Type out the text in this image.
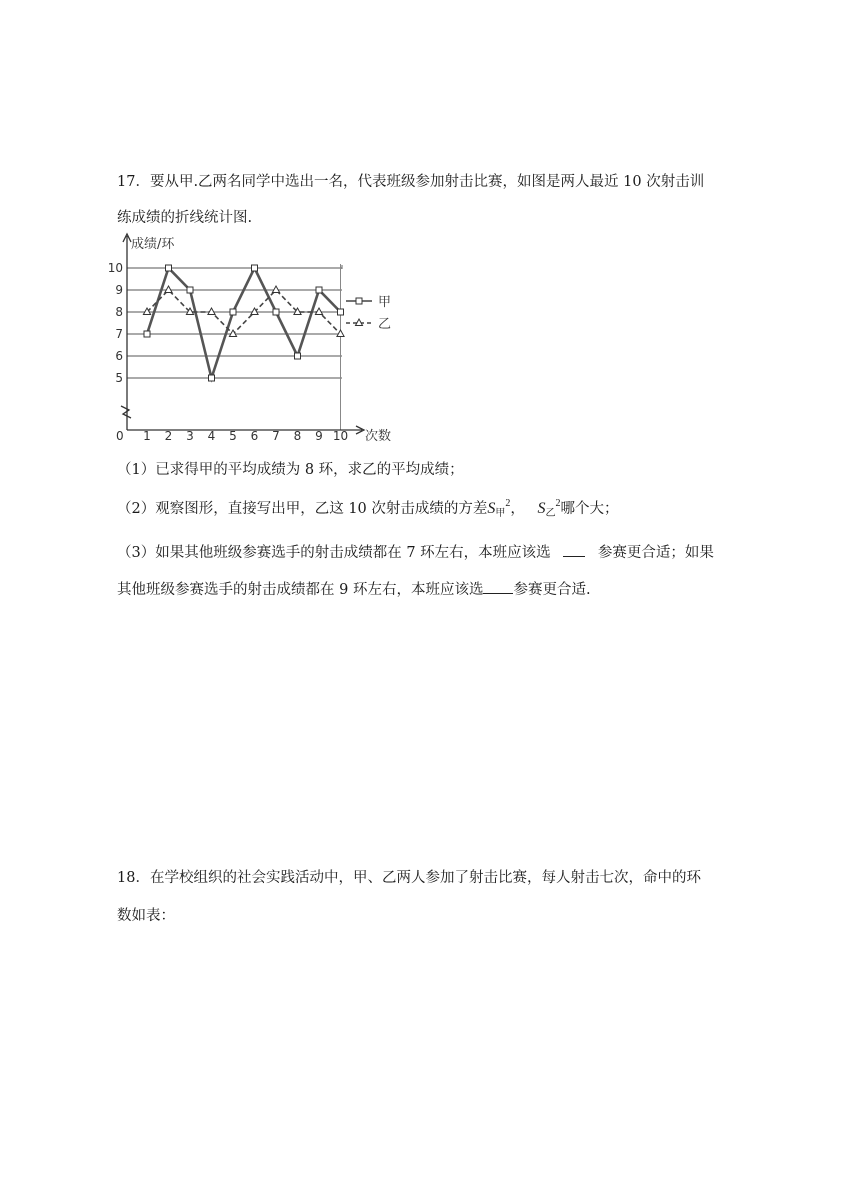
17．要从甲.乙两名同学中选出一名，代表班级参加射击比赛，如图是两人最近 10 次射击训
练成绩的折线统计图.
成绩/环
次数
0
5
6
7
8
9
10
1 2 3 4 5 6 7 8 9 10
甲
乙
（1）已求得甲的平均成绩为 8 环，求乙的平均成绩；
（2）观察图形，直接写出甲，乙这 10 次射击成绩的方差$S_甲^2$， $S_乙^2$哪个大；
（3）如果其他班级参赛选手的射击成绩都在 7 环左右，本班应该选	参赛更合适；如果
其他班级参赛选手的射击成绩都在 9 环左右，本班应该选 参赛更合适.
18．在学校组织的社会实践活动中，甲、乙两人参加了射击比赛，每人射击七次，命中的环
数如表：
